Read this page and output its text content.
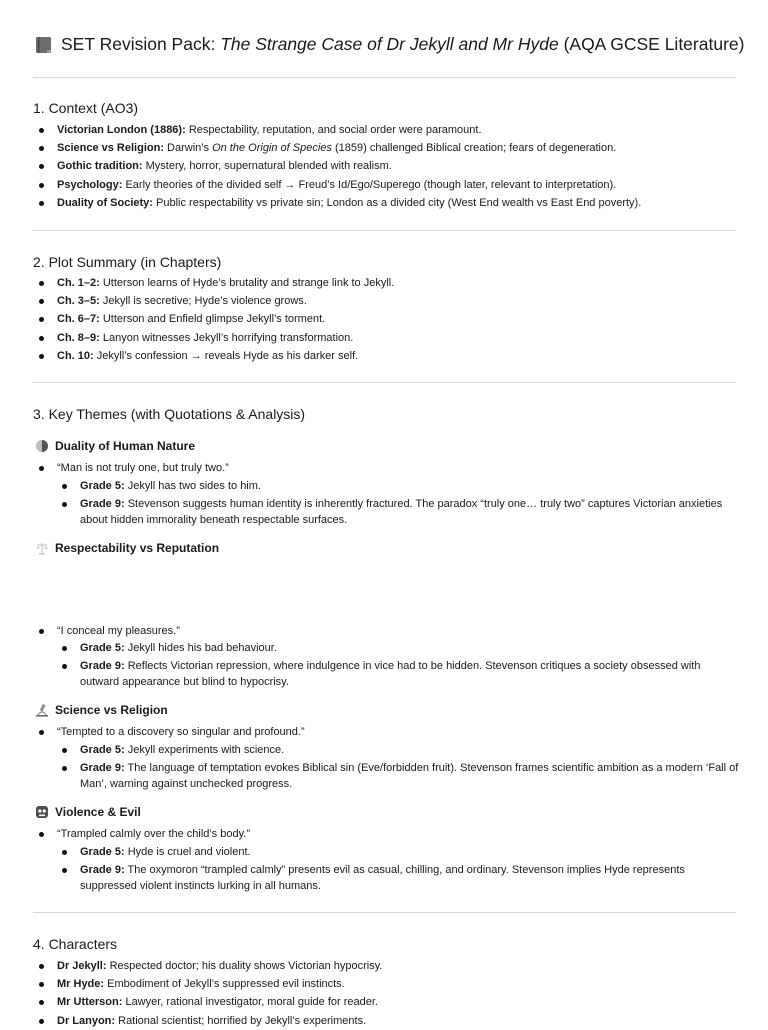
SET Revision Pack:
The Strange Case of Dr Jekyll and Mr Hyde
(AQA GCSE Literature)
1. Context (AO3)
Victorian London (1886): Respectability, reputation, and social order were paramount.
Science vs Religion: Darwin’s On the Origin of Species (1859) challenged Biblical creation; fears of degeneration.
Gothic tradition: Mystery, horror, supernatural blended with realism.
Psychology: Early theories of the divided self → Freud’s Id/Ego/Superego (though later, relevant to interpretation).
Duality of Society: Public respectability vs private sin; London as a divided city (West End wealth vs East End poverty).
2. Plot Summary (in Chapters)
Ch. 1–2: Utterson learns of Hyde’s brutality and strange link to Jekyll.
Ch. 3–5: Jekyll is secretive; Hyde’s violence grows.
Ch. 6–7: Utterson and Enfield glimpse Jekyll’s torment.
Ch. 8–9: Lanyon witnesses Jekyll’s horrifying transformation.
Ch. 10: Jekyll’s confession → reveals Hyde as his darker self.
3. Key Themes (with Quotations & Analysis)
Duality of Human Nature
“Man is not truly one, but truly two.”
Grade 5: Jekyll has two sides to him.
Grade 9: Stevenson suggests human identity is inherently fractured. The paradox “truly one… truly two” captures Victorian anxieties about hidden immorality beneath respectable surfaces.
Respectability vs Reputation
“I conceal my pleasures.”
Grade 5: Jekyll hides his bad behaviour.
Grade 9: Reflects Victorian repression, where indulgence in vice had to be hidden. Stevenson critiques a society obsessed with outward appearance but blind to hypocrisy.
Science vs Religion
“Tempted to a discovery so singular and profound.”
Grade 5: Jekyll experiments with science.
Grade 9: The language of temptation evokes Biblical sin (Eve/forbidden fruit). Stevenson frames scientific ambition as a modern ‘Fall of Man’, warning against unchecked progress.
Violence & Evil
“Trampled calmly over the child’s body.”
Grade 5: Hyde is cruel and violent.
Grade 9: The oxymoron “trampled calmly” presents evil as casual, chilling, and ordinary. Stevenson implies Hyde represents suppressed violent instincts lurking in all humans.
4. Characters
Dr Jekyll: Respected doctor; his duality shows Victorian hypocrisy.
Mr Hyde: Embodiment of Jekyll’s suppressed evil instincts.
Mr Utterson: Lawyer, rational investigator, moral guide for reader.
Dr Lanyon: Rational scientist; horrified by Jekyll’s experiments.
